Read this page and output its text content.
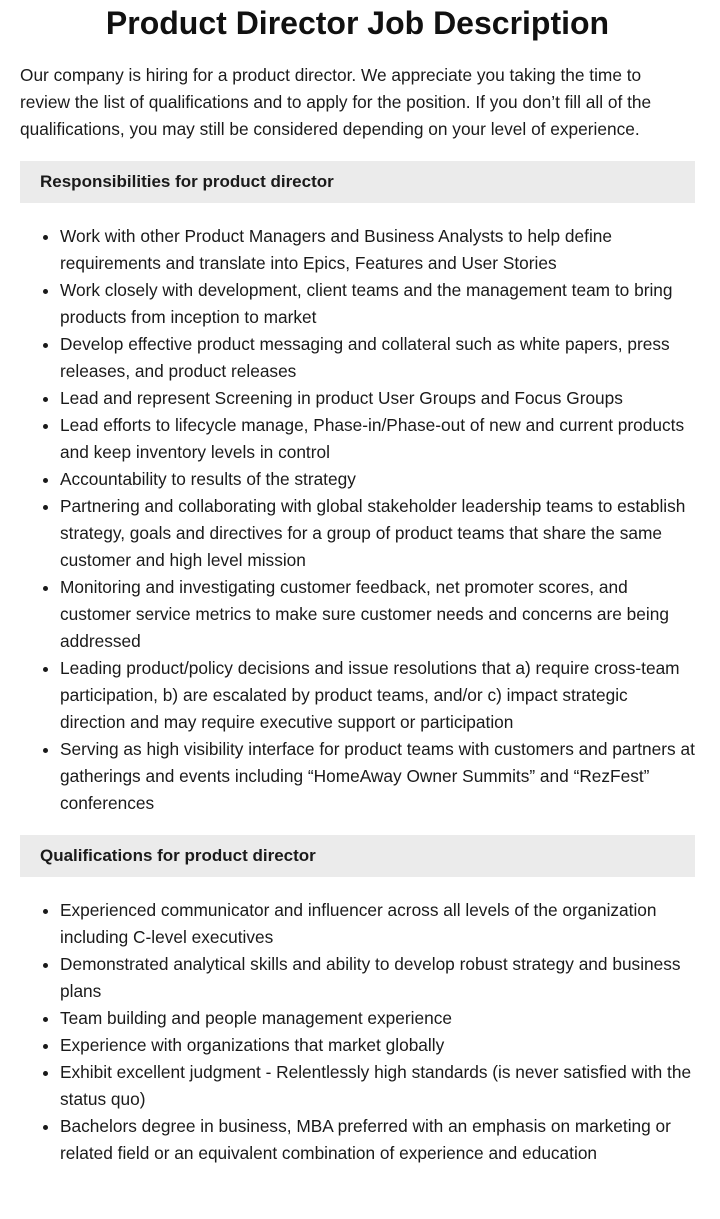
Product Director Job Description

Our company is hiring for a product director. We appreciate you taking the time to review the list of qualifications and to apply for the position. If you don’t fill all of the qualifications, you may still be considered depending on your level of experience.

Responsibilities for product director
• Work with other Product Managers and Business Analysts to help define requirements and translate into Epics, Features and User Stories
• Work closely with development, client teams and the management team to bring products from inception to market
• Develop effective product messaging and collateral such as white papers, press releases, and product releases
• Lead and represent Screening in product User Groups and Focus Groups
• Lead efforts to lifecycle manage, Phase-in/Phase-out of new and current products and keep inventory levels in control
• Accountability to results of the strategy
• Partnering and collaborating with global stakeholder leadership teams to establish strategy, goals and directives for a group of product teams that share the same customer and high level mission
• Monitoring and investigating customer feedback, net promoter scores, and customer service metrics to make sure customer needs and concerns are being addressed
• Leading product/policy decisions and issue resolutions that a) require cross-team participation, b) are escalated by product teams, and/or c) impact strategic direction and may require executive support or participation
• Serving as high visibility interface for product teams with customers and partners at gatherings and events including “HomeAway Owner Summits” and “RezFest” conferences
Qualifications for product director
• Experienced communicator and influencer across all levels of the organization including C-level executives
• Demonstrated analytical skills and ability to develop robust strategy and business plans
• Team building and people management experience
• Experience with organizations that market globally
• Exhibit excellent judgment - Relentlessly high standards (is never satisfied with the status quo)
• Bachelors degree in business, MBA preferred with an emphasis on marketing or related field or an equivalent combination of experience and education
